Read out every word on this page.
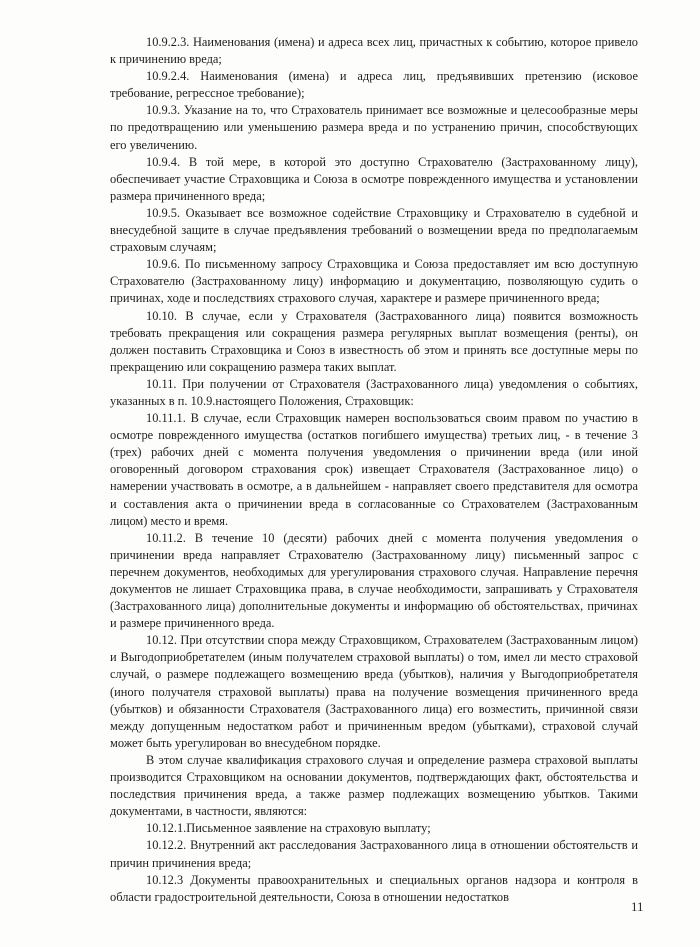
10.9.2.3. Наименования (имена) и адреса всех лиц, причастных к событию, которое привело к причинению вреда;

10.9.2.4. Наименования (имена) и адреса лиц, предъявивших претензию (исковое требование, регрессное требование);

10.9.3. Указание на то, что Страхователь принимает все возможные и целесообразные меры по предотвращению или уменьшению размера вреда и по устранению причин, способствующих его увеличению.

10.9.4. В той мере, в которой это доступно Страхователю (Застрахованному лицу), обеспечивает участие Страховщика и Союза в осмотре поврежденного имущества и установлении размера причиненного вреда;

10.9.5. Оказывает все возможное содействие Страховщику и Страхователю в судебной и внесудебной защите в случае предъявления требований о возмещении вреда по предполагаемым страховым случаям;

10.9.6. По письменному запросу Страховщика и Союза предоставляет им всю доступную Страхователю (Застрахованному лицу) информацию и документацию, позволяющую судить о причинах, ходе и последствиях страхового случая, характере и размере причиненного вреда;

10.10. В случае, если у Страхователя (Застрахованного лица) появится возможность требовать прекращения или сокращения размера регулярных выплат возмещения (ренты), он должен поставить Страховщика и Союз в известность об этом и принять все доступные меры по прекращению или сокращению размера таких выплат.

10.11. При получении от Страхователя (Застрахованного лица) уведомления о событиях, указанных в п. 10.9.настоящего Положения, Страховщик:

10.11.1. В случае, если Страховщик намерен воспользоваться своим правом по участию в осмотре поврежденного имущества (остатков погибшего имущества) третьих лиц, - в течение 3 (трех) рабочих дней с момента получения уведомления о причинении вреда (или иной оговоренный договором страхования срок) извещает Страхователя (Застрахованное лицо) о намерении участвовать в осмотре, а в дальнейшем - направляет своего представителя для осмотра и составления акта о причинении вреда в согласованные со Страхователем (Застрахованным лицом) место и время.

10.11.2. В течение 10 (десяти) рабочих дней с момента получения уведомления о причинении вреда направляет Страхователю (Застрахованному лицу) письменный запрос с перечнем документов, необходимых для урегулирования страхового случая. Направление перечня документов не лишает Страховщика права, в случае необходимости, запрашивать у Страхователя (Застрахованного лица) дополнительные документы и информацию об обстоятельствах, причинах и размере причиненного вреда.

10.12. При отсутствии спора между Страховщиком, Страхователем (Застрахованным лицом) и Выгодоприобретателем (иным получателем страховой выплаты) о том, имел ли место страховой случай, о размере подлежащего возмещению вреда (убытков), наличия у Выгодоприобретателя (иного получателя страховой выплаты) права на получение возмещения причиненного вреда (убытков) и обязанности Страхователя (Застрахованного лица) его возместить, причинной связи между допущенным недостатком работ и причиненным вредом (убытками), страховой случай может быть урегулирован во внесудебном порядке.

В этом случае квалификация страхового случая и определение размера страховой выплаты производится Страховщиком на основании документов, подтверждающих факт, обстоятельства и последствия причинения вреда, а также размер подлежащих возмещению убытков. Такими документами, в частности, являются:

10.12.1.Письменное заявление на страховую выплату;

10.12.2. Внутренний акт расследования Застрахованного лица в отношении обстоятельств и причин причинения вреда;

10.12.3 Документы правоохранительных и специальных органов надзора и контроля в области градостроительной деятельности, Союза в отношении недостатков

11
